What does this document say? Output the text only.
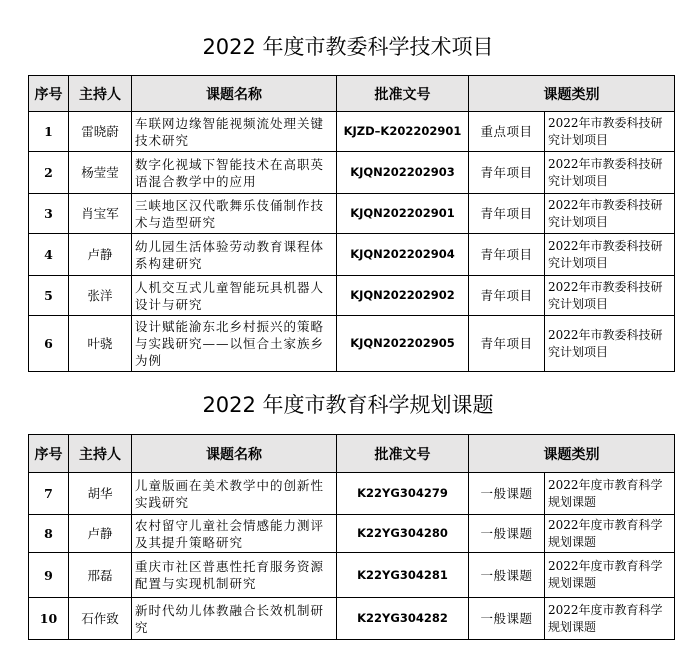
2022 年度市教委科学技术项目
序号	主持人	课题名称	批准文号	课题类别	
1	雷晓蔚	车联网边缘智能视频流处理关键技术研究	KJZD–K202202901	重点项目	2022年市教委科技研究计划项目
2	杨莹莹	数字化视域下智能技术在高职英语混合教学中的应用	KJQN202202903	青年项目	2022年市教委科技研究计划项目
3	肖宝军	三峡地区汉代歌舞乐伎俑制作技术与造型研究	KJQN202202901	青年项目	2022年市教委科技研究计划项目
4	卢静	幼儿园生活体验劳动教育课程体系构建研究	KJQN202202904	青年项目	2022年市教委科技研究计划项目
5	张洋	人机交互式儿童智能玩具机器人设计与研究	KJQN202202902	青年项目	2022年市教委科技研究计划项目
6	叶骁	设计赋能渝东北乡村振兴的策略与实践研究——以恒合土家族乡为例	KJQN202202905	青年项目	2022年市教委科技研究计划项目
2022 年度市教育科学规划课题
序号	主持人	课题名称	批准文号	课题类别	
7	胡华	儿童版画在美术教学中的创新性实践研究	K22YG304279	一般课题	2022年度市教育科学规划课题
8	卢静	农村留守儿童社会情感能力测评及其提升策略研究	K22YG304280	一般课题	2022年度市教育科学规划课题
9	邢磊	重庆市社区普惠性托育服务资源配置与实现机制研究	K22YG304281	一般课题	2022年度市教育科学规划课题
10	石作致	新时代幼儿体教融合长效机制研究	K22YG304282	一般课题	2022年度市教育科学规划课题
